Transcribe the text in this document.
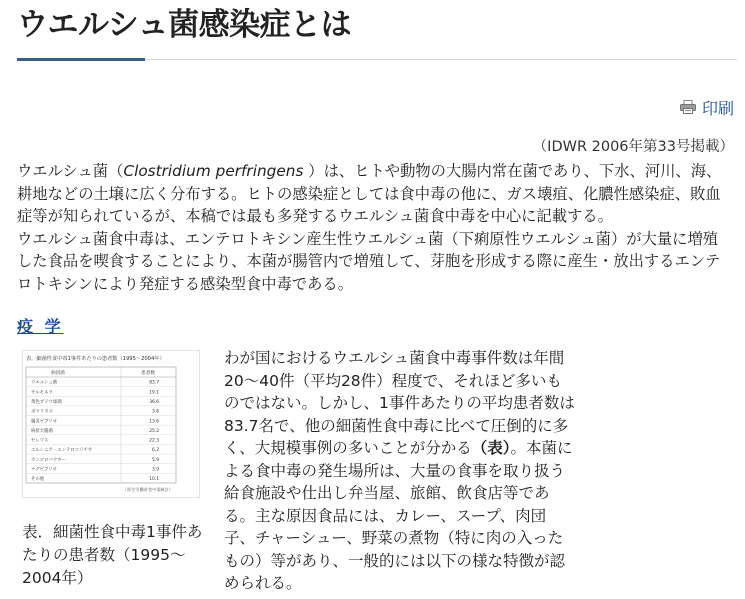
ウエルシュ菌感染症とは
印刷
（IDWR 2006年第33号掲載）

ウエルシュ菌（Clostridium perfringens ）は、ヒトや動物の大腸内常在菌であり、下水、河川、海、耕地などの土壌に広く分布する。ヒトの感染症としては食中毒の他に、ガス壊疽、化膿性感染症、敗血症等が知られているが、本稿では最も多発するウエルシュ菌食中毒を中心に記載する。

ウエルシュ菌食中毒は、エンテロトキシン産生性ウエルシュ菌（下痢原性ウエルシュ菌）が大量に増殖した食品を喫食することにより、本菌が腸管内で増殖して、芽胞を形成する際に産生・放出するエンテロトキシンにより発症する感染型食中毒である。

疫 学
表．細菌性食中毒1事件あたりの患者数（1995〜2004年）
病因菌	患者数
ウエルシュ菌	83.7
サルモネラ	19.1
黄色ブドウ球菌	36.6
ボツリヌス	3.6
腸炎ビブリオ	13.6
病原大腸菌	25.2
セレウス	22.3
エルシニア・エンテロコリチカ	6.2
カンピロバクター	5.9
ナグビブリオ	3.9
その他	10.1
（厚生労働省食中毒統計）
表．細菌性食中毒1事件あたりの患者数（1995〜2004年）
わが国におけるウエルシュ菌食中毒事件数は年間20〜40件（平均28件）程度で、それほど多いものではない。しかし、1事件あたりの平均患者数は83.7名で、他の細菌性食中毒に比べて圧倒的に多く、大規模事例の多いことが分かる（表）。本菌による食中毒の発生場所は、大量の食事を取り扱う給食施設や仕出し弁当屋、旅館、飲食店等である。主な原因食品には、カレー、スープ、肉団子、チャーシュー、野菜の煮物（特に肉の入ったもの）等があり、一般的には以下の様な特徴が認められる。
